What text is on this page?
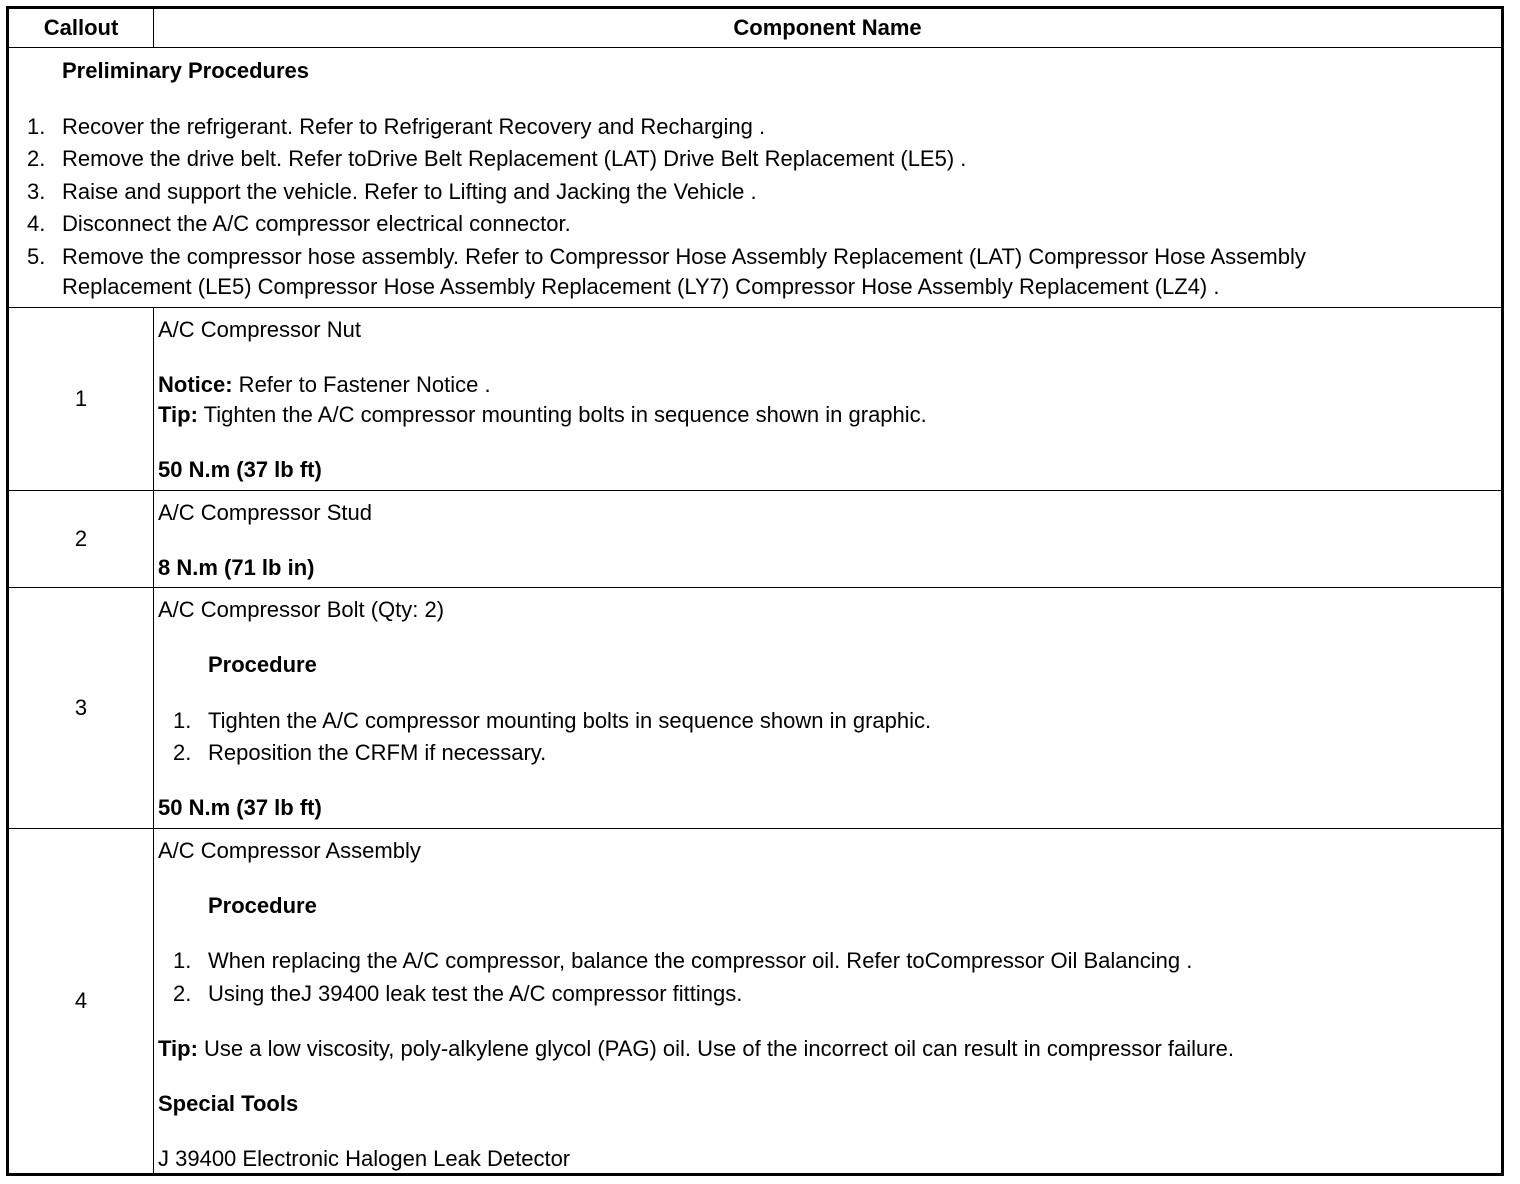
Callout	Component Name
Preliminary Procedures
1. Recover the refrigerant. Refer to Refrigerant Recovery and Recharging .
2. Remove the drive belt. Refer toDrive Belt Replacement (LAT) Drive Belt Replacement (LE5) .
3. Raise and support the vehicle. Refer to Lifting and Jacking the Vehicle .
4. Disconnect the A/C compressor electrical connector.
5. Remove the compressor hose assembly. Refer to Compressor Hose Assembly Replacement (LAT) Compressor Hose Assembly
Replacement (LE5) Compressor Hose Assembly Replacement (LY7) Compressor Hose Assembly Replacement (LZ4) .
1
A/C Compressor Nut
Notice: Refer to Fastener Notice .
Tip: Tighten the A/C compressor mounting bolts in sequence shown in graphic.
50 N.m (37 lb ft)
2
A/C Compressor Stud
8 N.m (71 lb in)
3
A/C Compressor Bolt (Qty: 2)
Procedure
1. Tighten the A/C compressor mounting bolts in sequence shown in graphic.
2. Reposition the CRFM if necessary.
50 N.m (37 lb ft)
4
A/C Compressor Assembly
Procedure
1. When replacing the A/C compressor, balance the compressor oil. Refer toCompressor Oil Balancing .
2. Using theJ 39400 leak test the A/C compressor fittings.
Tip: Use a low viscosity, poly-alkylene glycol (PAG) oil. Use of the incorrect oil can result in compressor failure.
Special Tools
J 39400 Electronic Halogen Leak Detector
